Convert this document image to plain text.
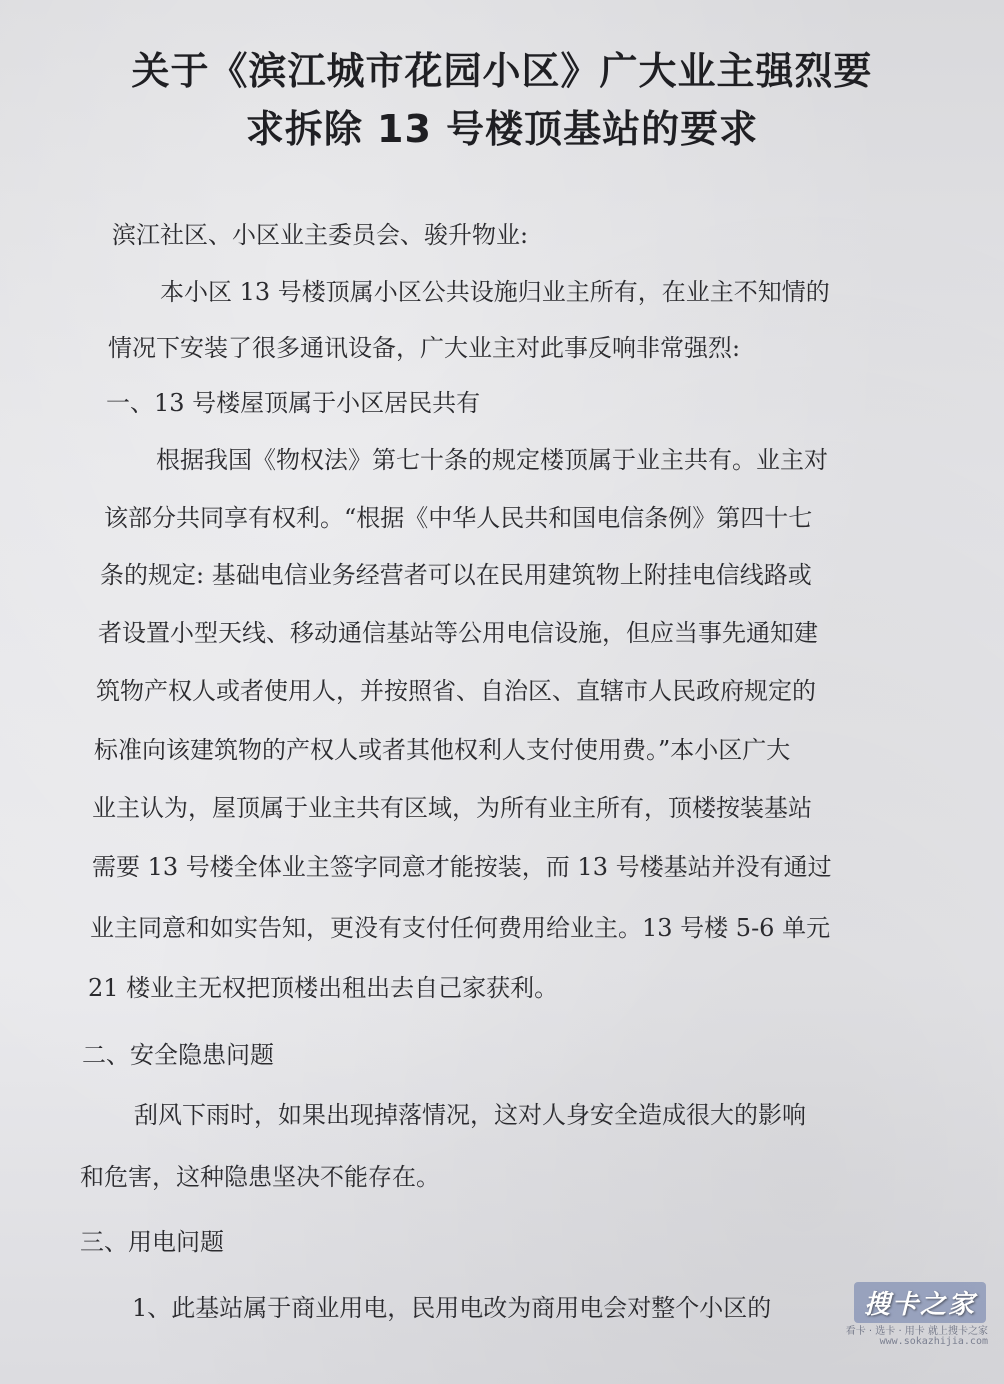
关于《滨江城市花园小区》广大业主强烈要
求拆除 13 号楼顶基站的要求

滨江社区、小区业主委员会、骏升物业:

本小区 13 号楼顶属小区公共设施归业主所有，在业主不知情的

情况下安装了很多通讯设备，广大业主对此事反响非常强烈:

一、13 号楼屋顶属于小区居民共有

根据我国《物权法》第七十条的规定楼顶属于业主共有。业主对

该部分共同享有权利。“根据《中华人民共和国电信条例》第四十七

条的规定: 基础电信业务经营者可以在民用建筑物上附挂电信线路或

者设置小型天线、移动通信基站等公用电信设施，但应当事先通知建

筑物产权人或者使用人，并按照省、自治区、直辖市人民政府规定的

标准向该建筑物的产权人或者其他权利人支付使用费。”本小区广大

业主认为，屋顶属于业主共有区域，为所有业主所有，顶楼按装基站

需要 13 号楼全体业主签字同意才能按装，而 13 号楼基站并没有通过

业主同意和如实告知，更没有支付任何费用给业主。13 号楼 5-6 单元

21 楼业主无权把顶楼出租出去自己家获利。

二、安全隐患问题

刮风下雨时，如果出现掉落情况，这对人身安全造成很大的影响

和危害，这种隐患坚决不能存在。

三、用电问题

1、此基站属于商业用电，民用电改为商用电会对整个小区的	搜卡之家
看卡 · 选卡 · 用卡 就上搜卡之家
www.sokazhijia.com
